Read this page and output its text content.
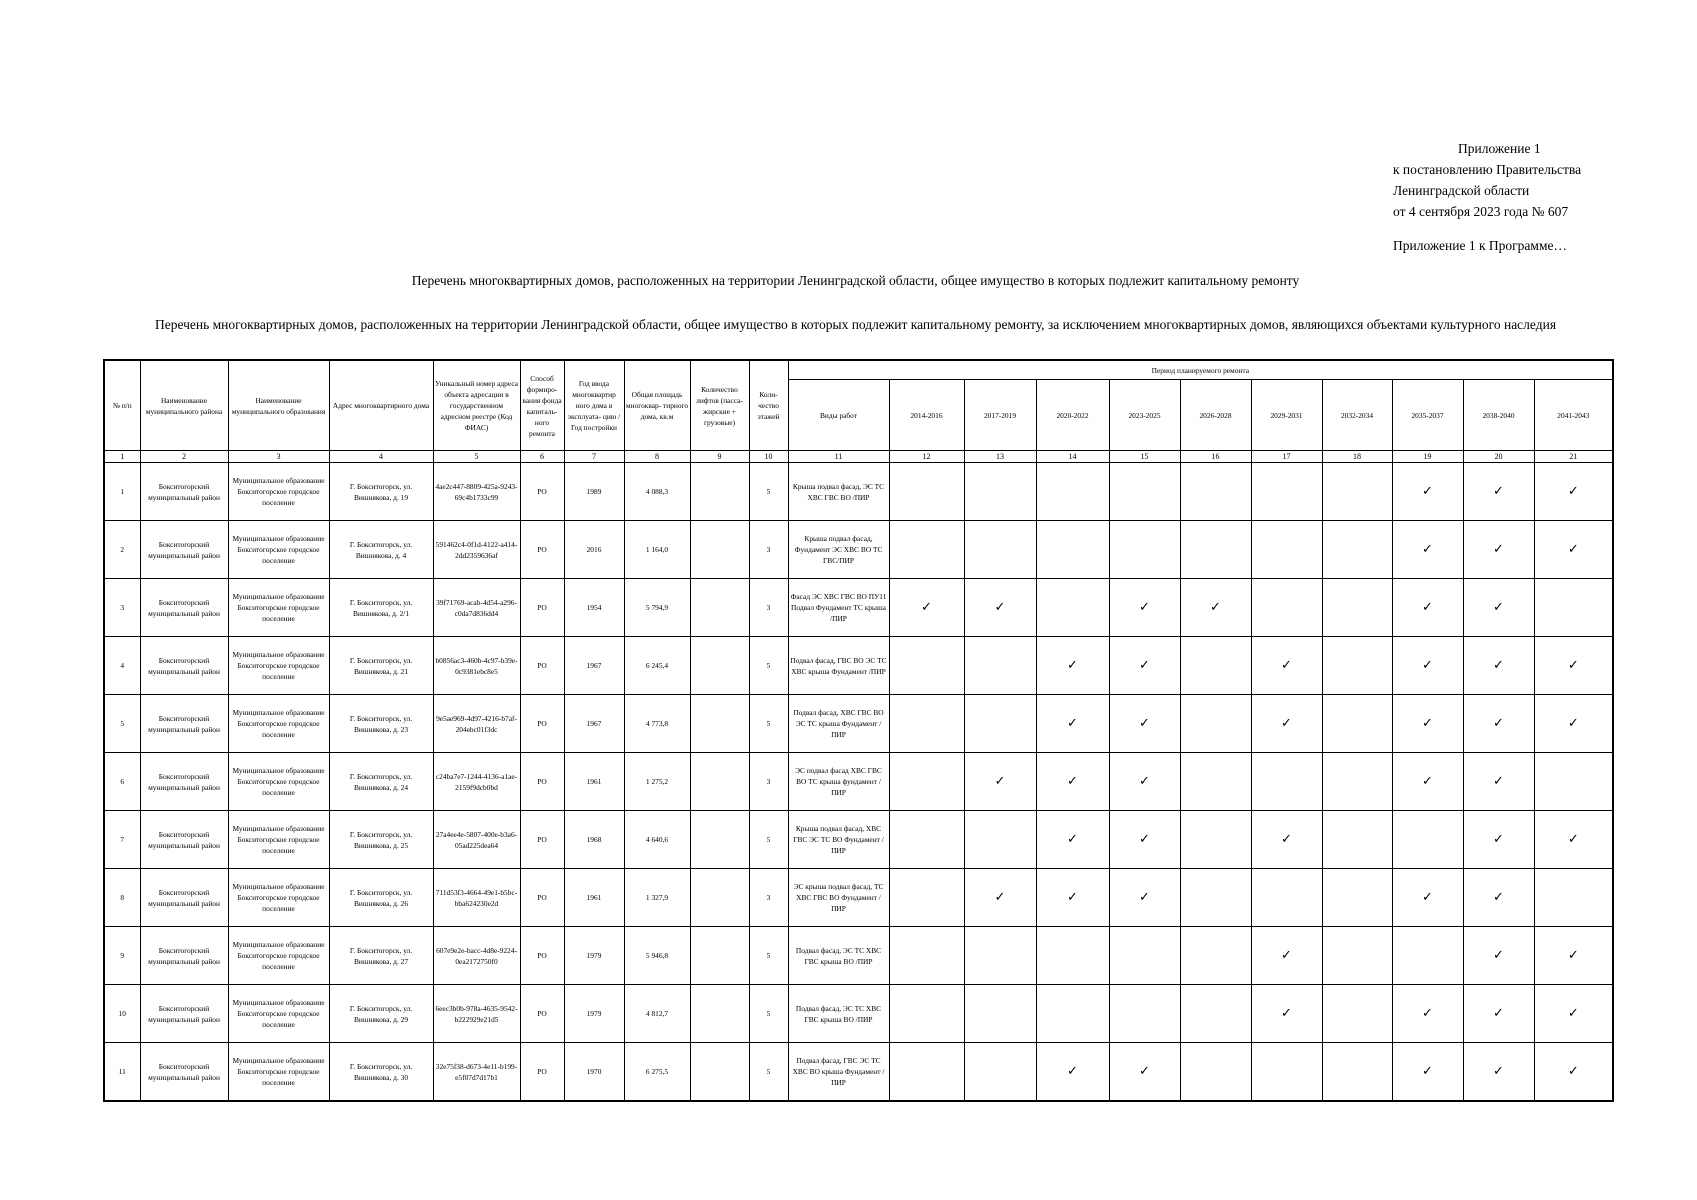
Приложение 1
к постановлению Правительства
Ленинградской области
от 4 сентября 2023 года № 607
Приложение 1 к Программе…
Перечень многоквартирных домов, расположенных на территории Ленинградской области, общее имущество в которых подлежит капитальному ремонту
Перечень многоквартирных домов, расположенных на территории Ленинградской области, общее имущество в которых подлежит капитальному ремонту, за исключением многоквартирных домов, являющихся объектами культурного наследия
№ п/п	Наименование муниципального района	Наименование муниципального образования	Адрес многоквартирного дома	Уникальный номер адреса объекта адресации в государственном адресном реестре (Код ФИАС)	Способ формиро- вания фонда капиталь- ного ремонта	Год ввода многоквартир ного дома в эксплуата- цию /Год постройки	Общая площадь многоквар- тирного дома, кв.м	Количество лифтов (пасса- жирские + грузовые)	Коли- чество этажей	Период планируемого ремонта										
										Виды работ	2014-2016	2017-2019	2020-2022	2023-2025	2026-2028	2029-2031	2032-2034	2035-2037	2038-2040	2041-2043
1	2	3	4	5	6	7	8	9	10	11	12	13	14	15	16	17	18	19	20	21
1	Бокситогорский муниципальный район	Муниципальное образование Бокситогорское городское поселение	Г. Бокситогорск, ул. Вишнякова, д. 19	4ae2c447-8809-425a-9243-69c4b1733c99	РО	1989	4 088,3		5	Крыша подвал фасад, ЭС ТС ХВС ГВС ВО /ПИР								✓	✓	✓
2	Бокситогорский муниципальный район	Муниципальное образование Бокситогорское городское поселение	Г. Бокситогорск, ул. Вишнякова, д. 4	591462c4-0f1d-4122-a414-2dd2359636af	РО	2016	1 164,0		3	Крыша подвал фасад, Фундамент ЭС ХВС ВО ТС ГВС/ПИР								✓	✓	✓
3	Бокситогорский муниципальный район	Муниципальное образование Бокситогорское городское поселение	Г. Бокситогорск, ул. Вишнякова, д. 2/1	39f71769-acab-4d54-a296-c0da7d836dd4	РО	1954	5 794,9		3	Фасад ЭС ХВС ГВС ВО ПУ11 Подвал Фундамент ТС крыша /ПИР	✓	✓		✓	✓			✓	✓	
4	Бокситогорский муниципальный район	Муниципальное образование Бокситогорское городское поселение	Г. Бокситогорск, ул. Вишнякова, д. 21	b0856ac3-460b-4c97-b39e-0c9381ebc8e5	РО	1967	6 245,4		5	Подвал фасад, ГВС ВО ЭС ТС ХВС крыша Фундамент /ПИР			✓	✓		✓		✓	✓	✓
5	Бокситогорский муниципальный район	Муниципальное образование Бокситогорское городское поселение	Г. Бокситогорск, ул. Вишнякова, д. 23	9e5ae969-4d97-4216-b7af-204ebc01f3dc	РО	1967	4 773,8		5	Подвал фасад, ХВС ГВС ВО ЭС ТС крыша Фундамент /ПИР			✓	✓		✓		✓	✓	✓
6	Бокситогорский муниципальный район	Муниципальное образование Бокситогорское городское поселение	Г. Бокситогорск, ул. Вишнякова, д. 24	c24ba7e7-1244-4136-a1ae-2159f9dcb0bd	РО	1961	1 275,2		3	ЭС подвал фасад ХВС ГВС ВО ТС крыша фундамент /ПИР		✓	✓	✓				✓	✓	
7	Бокситогорский муниципальный район	Муниципальное образование Бокситогорское городское поселение	Г. Бокситогорск, ул. Вишнякова, д. 25	27a4ee4e-5807-400e-b3a6-05ad225dea64	РО	1968	4 640,6		5	Крыша подвал фасад, ХВС ГВС ЭС ТС ВО Фундамент /ПИР			✓	✓		✓			✓	✓
8	Бокситогорский муниципальный район	Муниципальное образование Бокситогорское городское поселение	Г. Бокситогорск, ул. Вишнякова, д. 26	711d53f3-4664-49e1-b5bc-bba624230e2d	РО	1961	1 327,9		3	ЭС крыша подвал фасад, ТС ХВС ГВС ВО Фундамент /ПИР		✓	✓	✓				✓	✓	
9	Бокситогорский муниципальный район	Муниципальное образование Бокситогорское городское поселение	Г. Бокситогорск, ул. Вишнякова, д. 27	607e9e2e-bacc-4d8e-9224-0ea2172750f0	РО	1979	5 946,8		5	Подвал фасад, ЭС ТС ХВС ГВС крыша ВО /ПИР						✓			✓	✓
10	Бокситогорский муниципальный район	Муниципальное образование Бокситогорское городское поселение	Г. Бокситогорск, ул. Вишнякова, д. 29	6eec3b0b-978a-4635-9542-b222929e21d5	РО	1979	4 812,7		5	Подвал фасад, ЭС ТС ХВС ГВС крыша ВО /ПИР						✓		✓	✓	✓
11	Бокситогорский муниципальный район	Муниципальное образование Бокситогорское городское поселение	Г. Бокситогорск, ул. Вишнякова, д. 30	32e75f38-d673-4e11-b199-e5f07d7d17b1	РО	1970	6 275,5		5	Подвал фасад, ГВС ЭС ТС ХВС ВО крыша Фундамент /ПИР			✓	✓				✓	✓	✓
